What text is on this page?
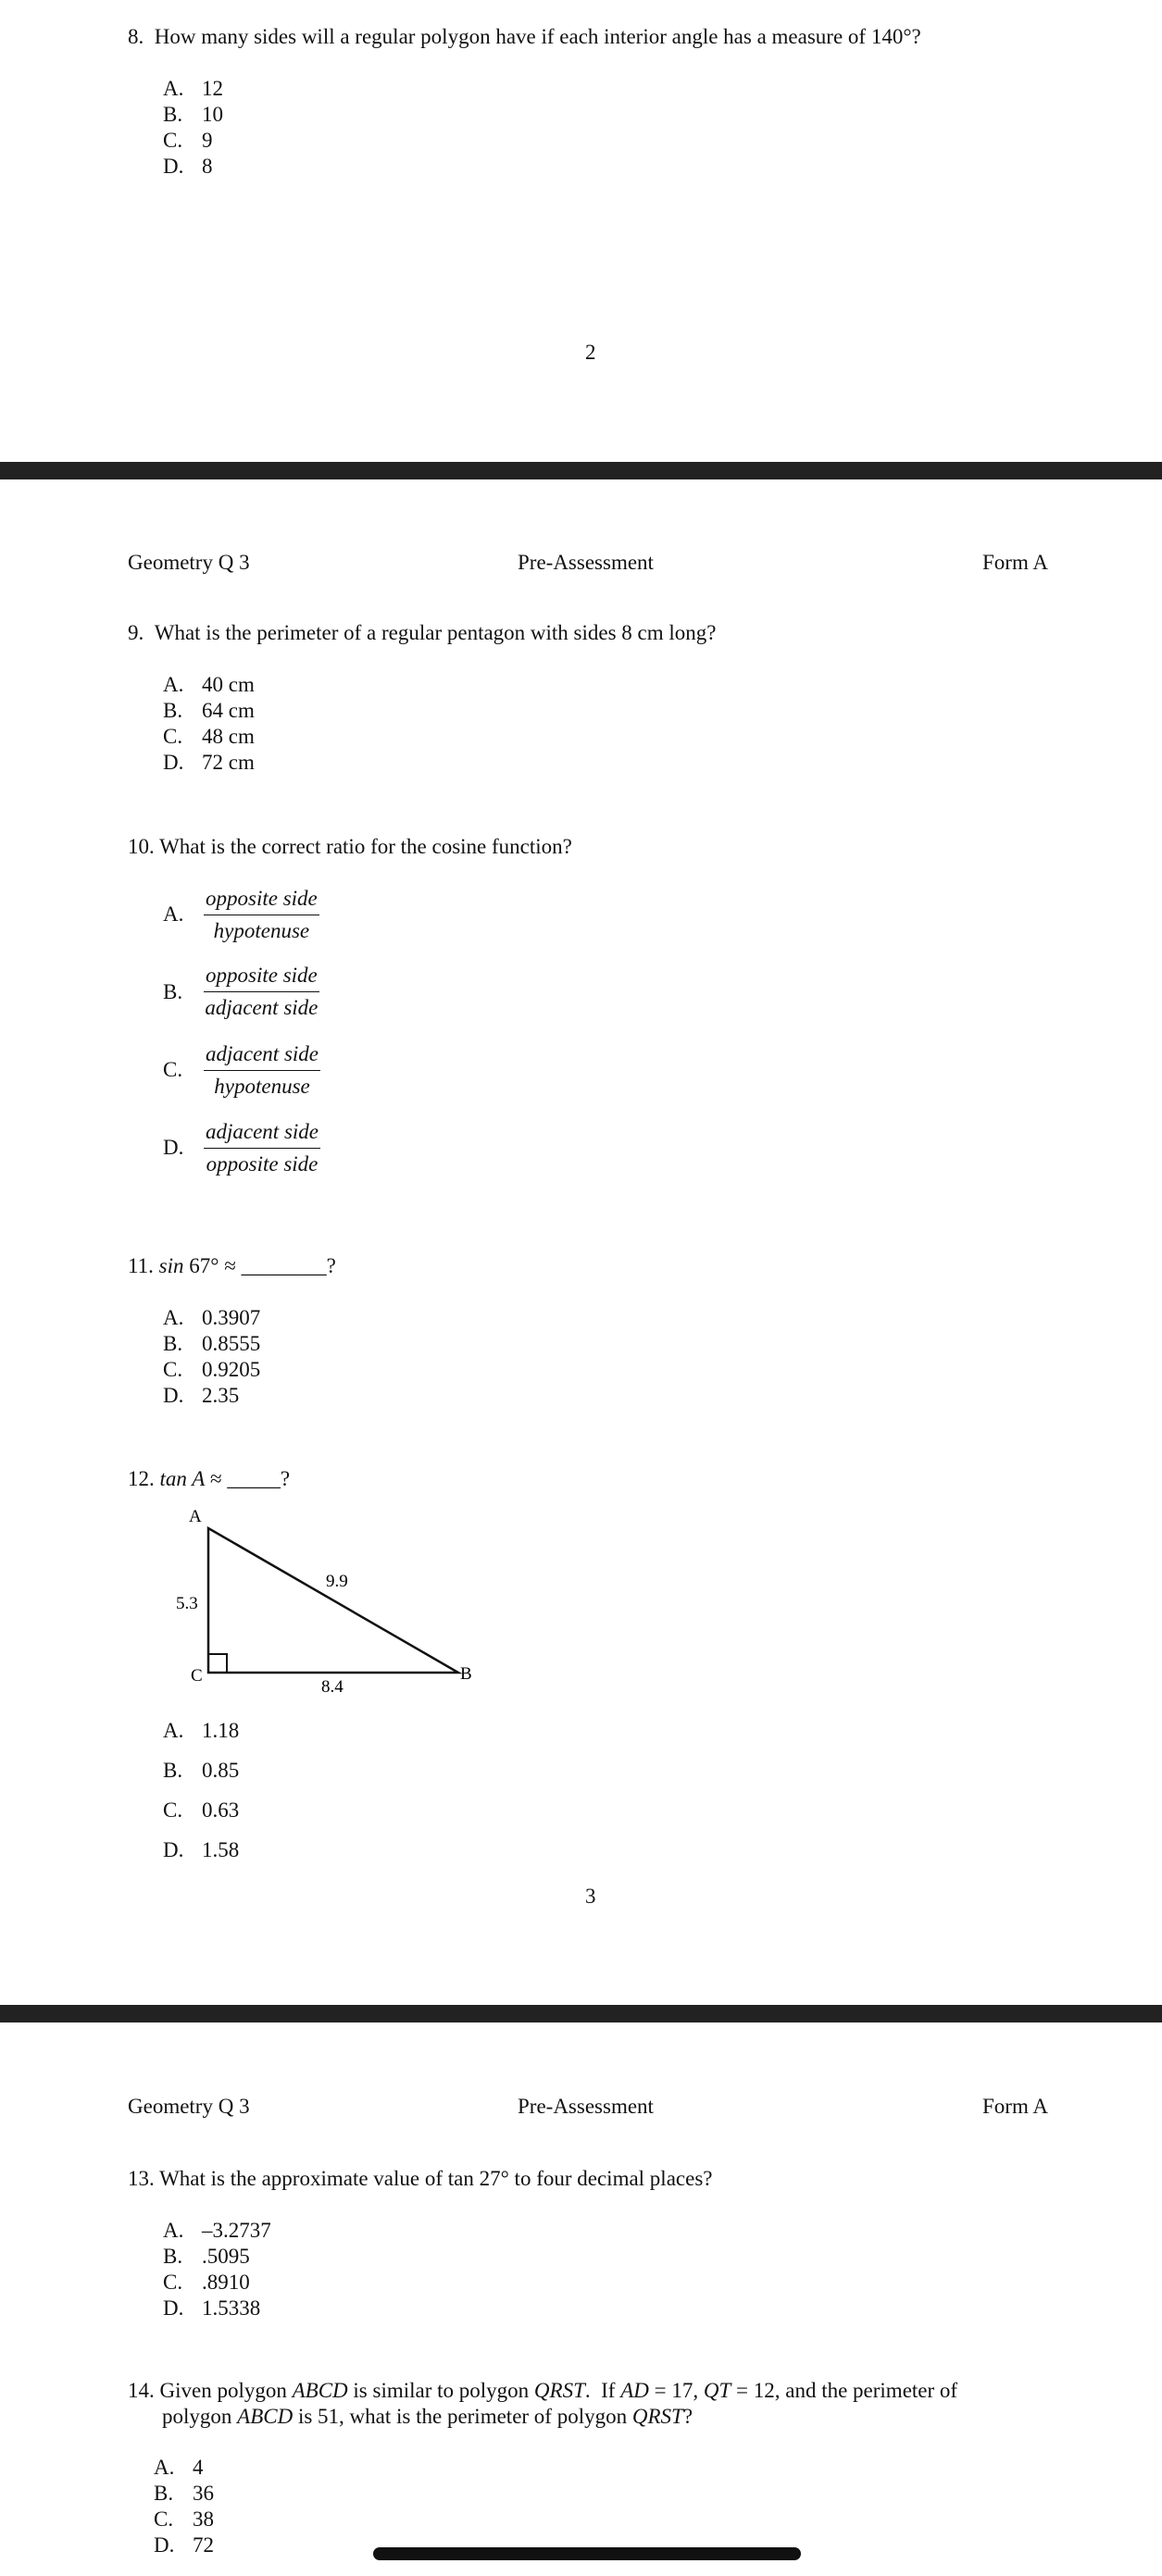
8.  How many sides will a regular polygon have if each interior angle has a measure of 140°?
A. 12
B. 10
C. 9
D. 8
2
Geometry Q 3	Pre-Assessment	Form A
9.  What is the perimeter of a regular pentagon with sides 8 cm long?
A. 40 cm
B. 64 cm
C. 48 cm
D. 72 cm
10. What is the correct ratio for the cosine function?
A.
opposite side
hypotenuse
B.
opposite side
adjacent side
C.
adjacent side
hypotenuse
D.
adjacent side
opposite side
11. sin 67° ≈ ________?
A. 0.3907
B. 0.8555
C. 0.9205
D. 2.35
12. tan A ≈ _____?
A
C	B
5.3
9.9
8.4
A. 1.18
B. 0.85
C. 0.63
D. 1.58
3
Geometry Q 3	Pre-Assessment	Form A
13. What is the approximate value of tan 27° to four decimal places?
A. –3.2737
B. .5095
C. .8910
D. 1.5338
14. Given polygon ABCD is similar to polygon QRST.  If AD = 17, QT = 12, and the perimeter of
polygon ABCD is 51, what is the perimeter of polygon QRST?
A. 4
B. 36
C. 38
D. 72
